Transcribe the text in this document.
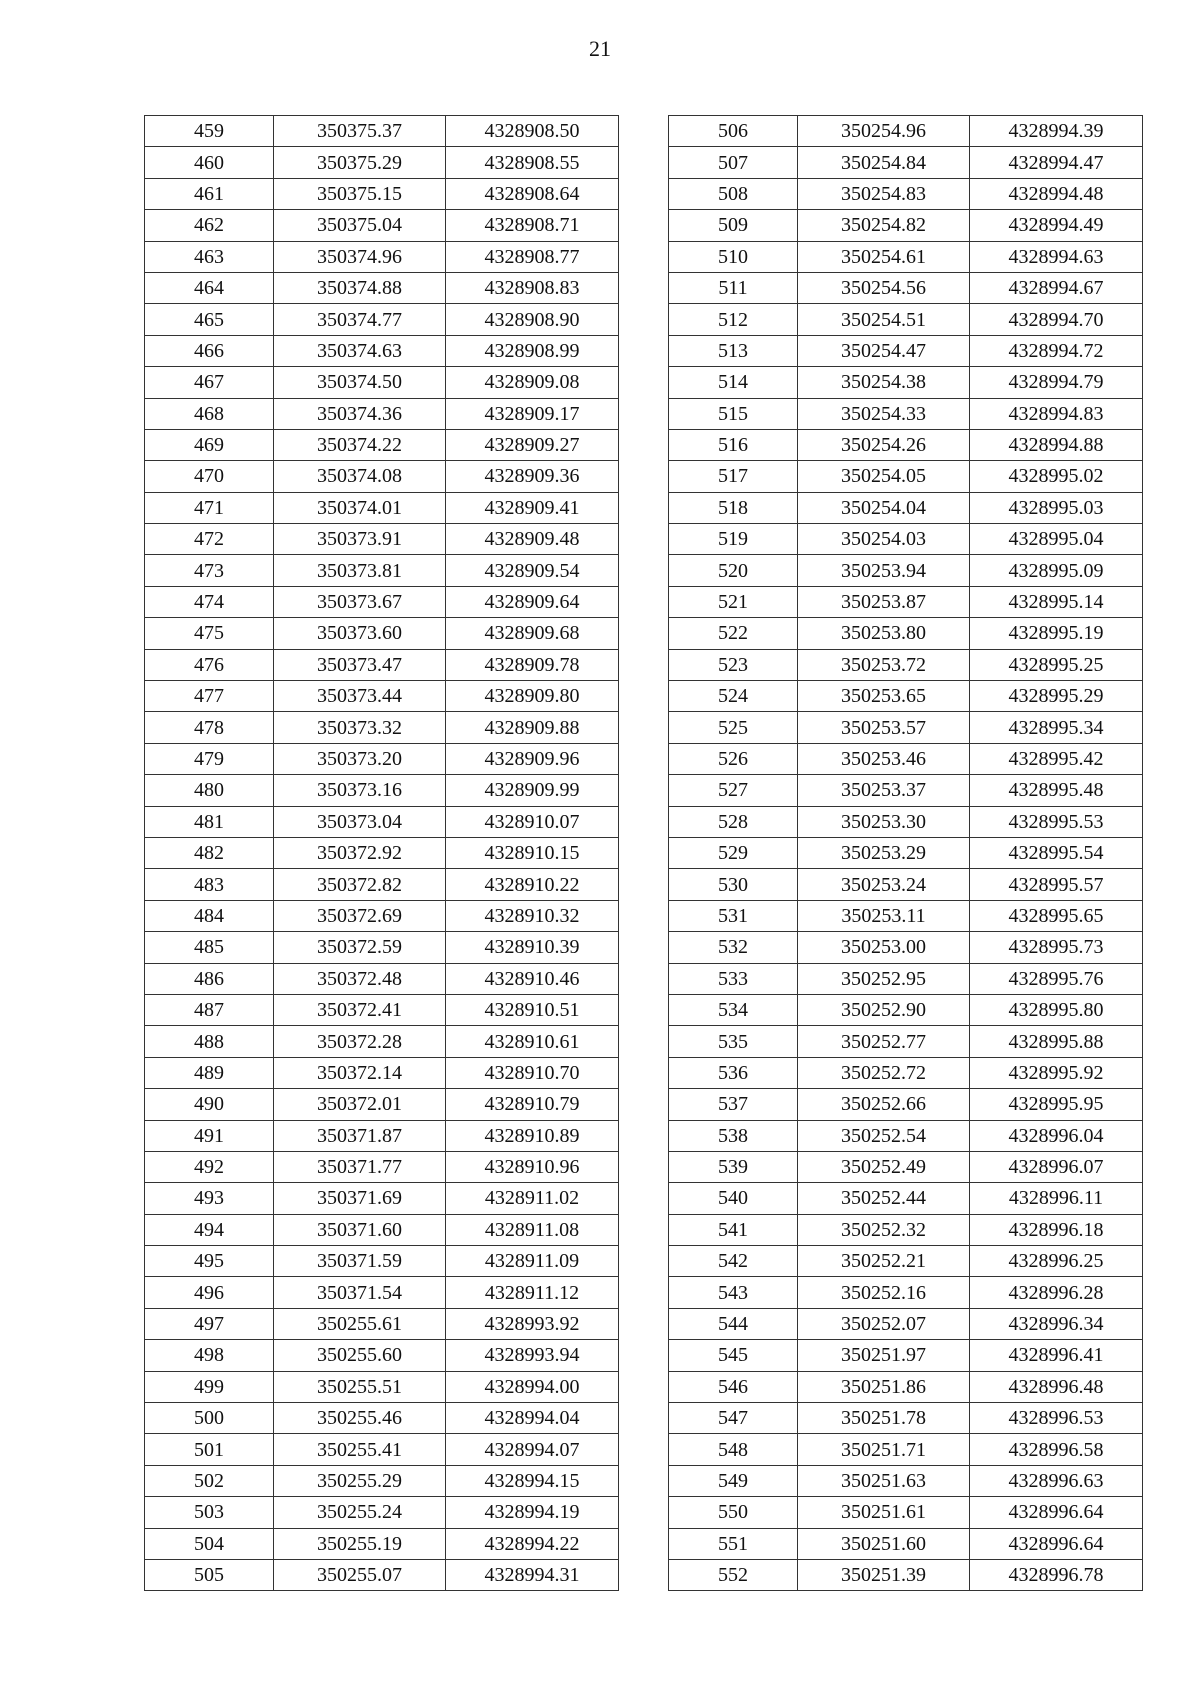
21
459	350375.37	4328908.50
460	350375.29	4328908.55
461	350375.15	4328908.64
462	350375.04	4328908.71
463	350374.96	4328908.77
464	350374.88	4328908.83
465	350374.77	4328908.90
466	350374.63	4328908.99
467	350374.50	4328909.08
468	350374.36	4328909.17
469	350374.22	4328909.27
470	350374.08	4328909.36
471	350374.01	4328909.41
472	350373.91	4328909.48
473	350373.81	4328909.54
474	350373.67	4328909.64
475	350373.60	4328909.68
476	350373.47	4328909.78
477	350373.44	4328909.80
478	350373.32	4328909.88
479	350373.20	4328909.96
480	350373.16	4328909.99
481	350373.04	4328910.07
482	350372.92	4328910.15
483	350372.82	4328910.22
484	350372.69	4328910.32
485	350372.59	4328910.39
486	350372.48	4328910.46
487	350372.41	4328910.51
488	350372.28	4328910.61
489	350372.14	4328910.70
490	350372.01	4328910.79
491	350371.87	4328910.89
492	350371.77	4328910.96
493	350371.69	4328911.02
494	350371.60	4328911.08
495	350371.59	4328911.09
496	350371.54	4328911.12
497	350255.61	4328993.92
498	350255.60	4328993.94
499	350255.51	4328994.00
500	350255.46	4328994.04
501	350255.41	4328994.07
502	350255.29	4328994.15
503	350255.24	4328994.19
504	350255.19	4328994.22
505	350255.07	4328994.31
506	350254.96	4328994.39
507	350254.84	4328994.47
508	350254.83	4328994.48
509	350254.82	4328994.49
510	350254.61	4328994.63
511	350254.56	4328994.67
512	350254.51	4328994.70
513	350254.47	4328994.72
514	350254.38	4328994.79
515	350254.33	4328994.83
516	350254.26	4328994.88
517	350254.05	4328995.02
518	350254.04	4328995.03
519	350254.03	4328995.04
520	350253.94	4328995.09
521	350253.87	4328995.14
522	350253.80	4328995.19
523	350253.72	4328995.25
524	350253.65	4328995.29
525	350253.57	4328995.34
526	350253.46	4328995.42
527	350253.37	4328995.48
528	350253.30	4328995.53
529	350253.29	4328995.54
530	350253.24	4328995.57
531	350253.11	4328995.65
532	350253.00	4328995.73
533	350252.95	4328995.76
534	350252.90	4328995.80
535	350252.77	4328995.88
536	350252.72	4328995.92
537	350252.66	4328995.95
538	350252.54	4328996.04
539	350252.49	4328996.07
540	350252.44	4328996.11
541	350252.32	4328996.18
542	350252.21	4328996.25
543	350252.16	4328996.28
544	350252.07	4328996.34
545	350251.97	4328996.41
546	350251.86	4328996.48
547	350251.78	4328996.53
548	350251.71	4328996.58
549	350251.63	4328996.63
550	350251.61	4328996.64
551	350251.60	4328996.64
552	350251.39	4328996.78
